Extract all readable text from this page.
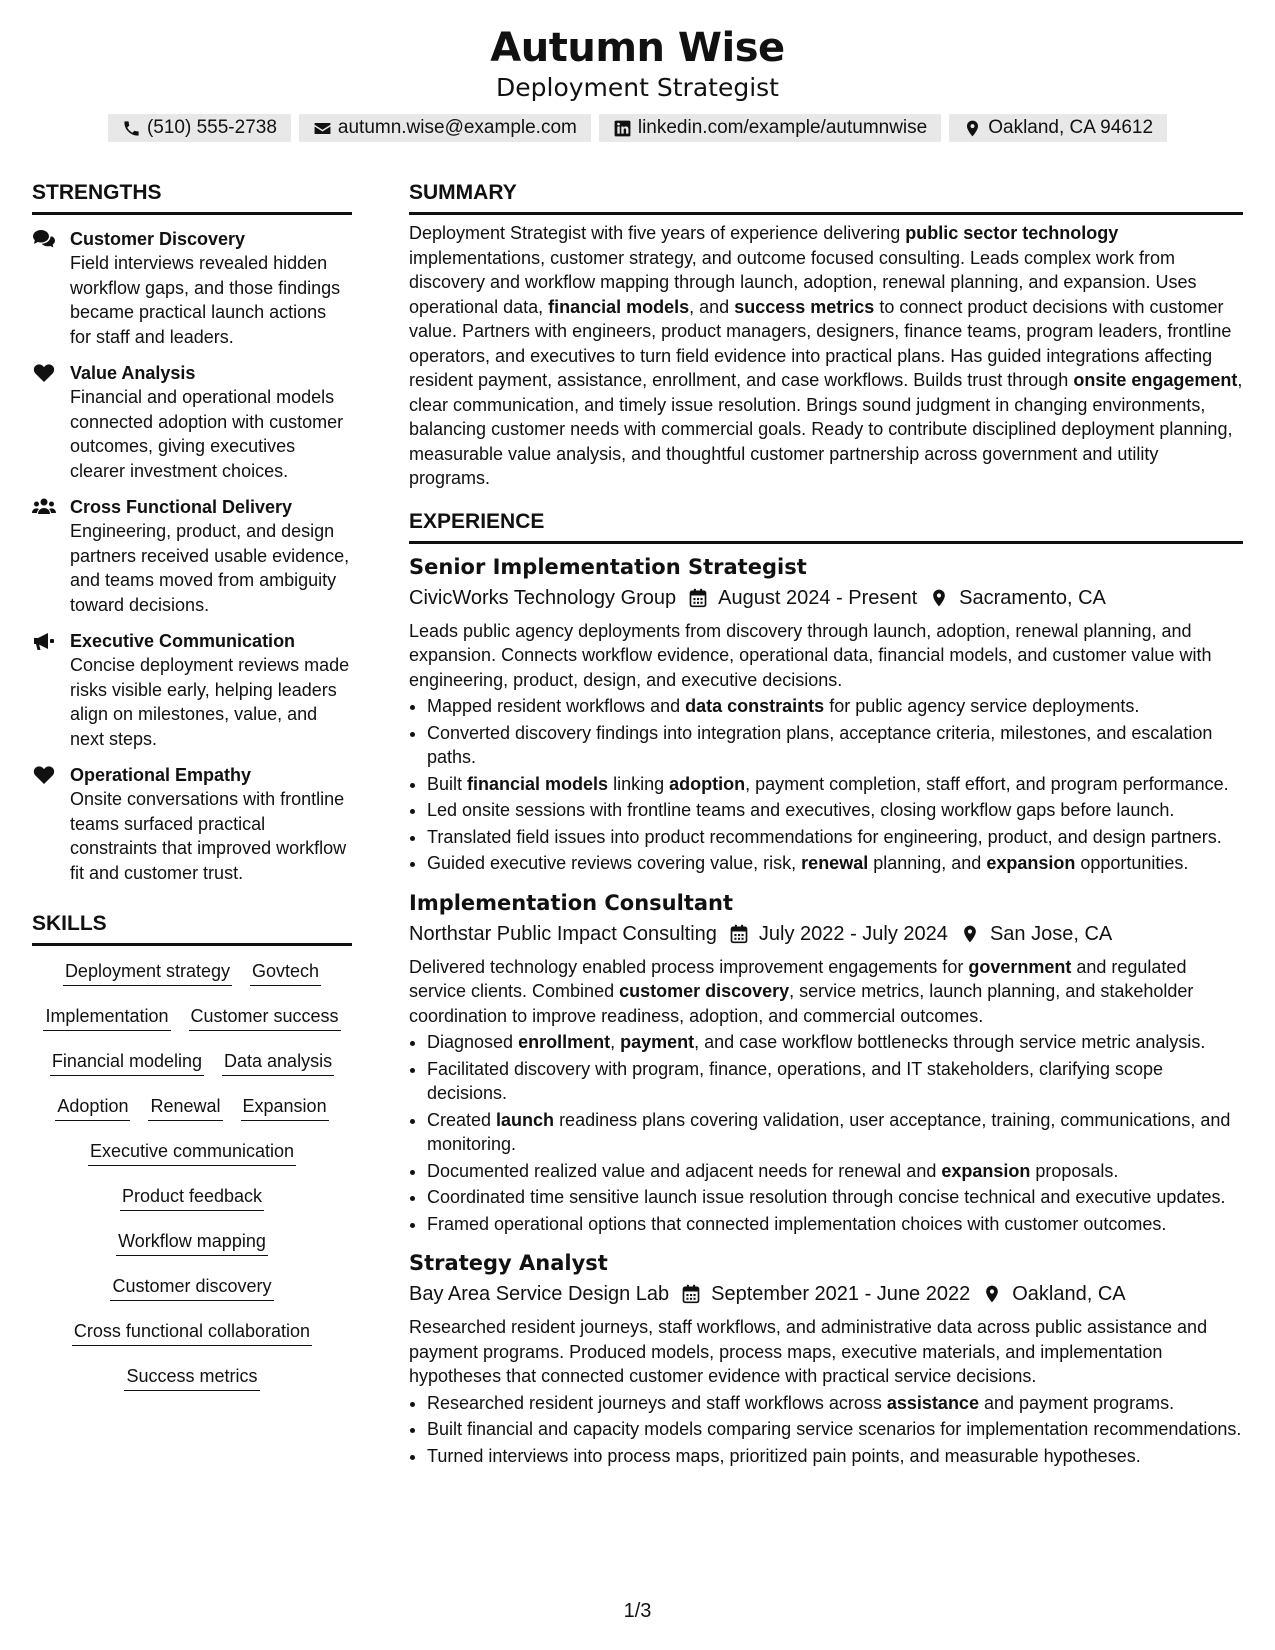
Autumn Wise
Deployment Strategist
(510) 555-2738	autumn.wise@example.com	linkedin.com/example/autumnwise	Oakland, CA 94612
STRENGTHS
Customer Discovery
Field interviews revealed hidden workflow gaps, and those findings became practical launch actions for staff and leaders.
Value Analysis
Financial and operational models connected adoption with customer outcomes, giving executives clearer investment choices.
Cross Functional Delivery
Engineering, product, and design partners received usable evidence, and teams moved from ambiguity toward decisions.
Executive Communication
Concise deployment reviews made risks visible early, helping leaders align on milestones, value, and next steps.
Operational Empathy
Onsite conversations with frontline teams surfaced practical constraints that improved workflow fit and customer trust.
SKILLS
Deployment strategy Govtech
Implementation Customer success
Financial modeling Data analysis
Adoption Renewal Expansion
Executive communication
Product feedback
Workflow mapping
Customer discovery
Cross functional collaboration
Success metrics
SUMMARY
Deployment Strategist with five years of experience delivering public sector technology implementations, customer strategy, and outcome focused consulting. Leads complex work from discovery and workflow mapping through launch, adoption, renewal planning, and expansion. Uses operational data, financial models, and success metrics to connect product decisions with customer value. Partners with engineers, product managers, designers, finance teams, program leaders, frontline operators, and executives to turn field evidence into practical plans. Has guided integrations affecting resident payment, assistance, enrollment, and case workflows. Builds trust through onsite engagement, clear communication, and timely issue resolution. Brings sound judgment in changing environments, balancing customer needs with commercial goals. Ready to contribute disciplined deployment planning, measurable value analysis, and thoughtful customer partnership across government and utility programs.
EXPERIENCE
Senior Implementation Strategist
CivicWorks Technology Group August 2024 - Present Sacramento, CA
Leads public agency deployments from discovery through launch, adoption, renewal planning, and expansion. Connects workflow evidence, operational data, financial models, and customer value with engineering, product, design, and executive decisions.
• Mapped resident workflows and data constraints for public agency service deployments.
• Converted discovery findings into integration plans, acceptance criteria, milestones, and escalation paths.
• Built financial models linking adoption, payment completion, staff effort, and program performance.
• Led onsite sessions with frontline teams and executives, closing workflow gaps before launch.
• Translated field issues into product recommendations for engineering, product, and design partners.
• Guided executive reviews covering value, risk, renewal planning, and expansion opportunities.
Implementation Consultant
Northstar Public Impact Consulting July 2022 - July 2024 San Jose, CA
Delivered technology enabled process improvement engagements for government and regulated service clients. Combined customer discovery, service metrics, launch planning, and stakeholder coordination to improve readiness, adoption, and commercial outcomes.
• Diagnosed enrollment, payment, and case workflow bottlenecks through service metric analysis.
• Facilitated discovery with program, finance, operations, and IT stakeholders, clarifying scope decisions.
• Created launch readiness plans covering validation, user acceptance, training, communications, and monitoring.
• Documented realized value and adjacent needs for renewal and expansion proposals.
• Coordinated time sensitive launch issue resolution through concise technical and executive updates.
• Framed operational options that connected implementation choices with customer outcomes.
Strategy Analyst
Bay Area Service Design Lab September 2021 - June 2022 Oakland, CA
Researched resident journeys, staff workflows, and administrative data across public assistance and payment programs. Produced models, process maps, executive materials, and implementation hypotheses that connected customer evidence with practical service decisions.
• Researched resident journeys and staff workflows across assistance and payment programs.
• Built financial and capacity models comparing service scenarios for implementation recommendations.
• Turned interviews into process maps, prioritized pain points, and measurable hypotheses.
1/3
